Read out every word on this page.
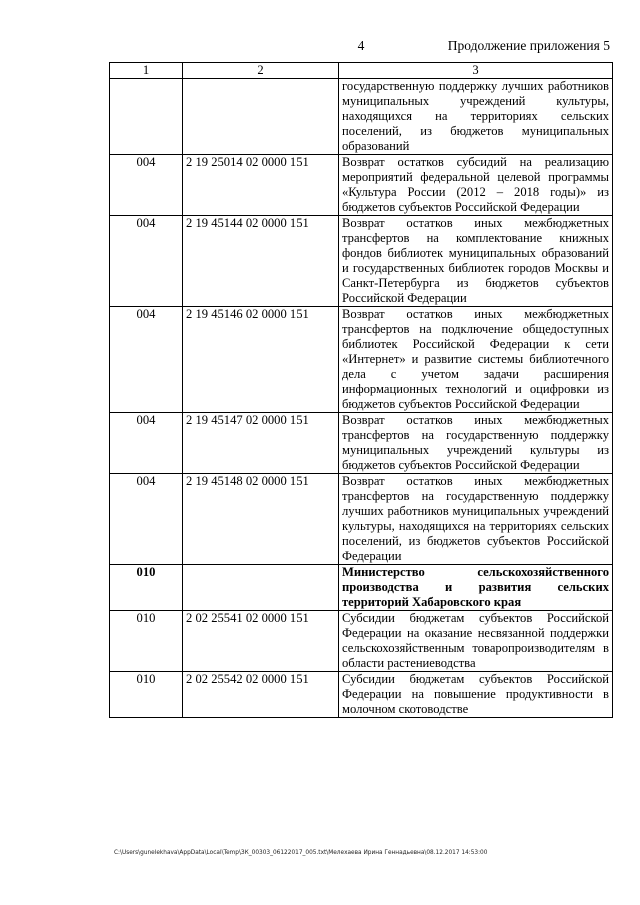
4	Продолжение приложения 5
1	2	3
		государственную поддержку лучших работников муниципальных учреждений культуры, находящихся на территориях сельских поселений, из бюджетов муниципальных образований
004	2 19 25014 02 0000 151	Возврат остатков субсидий на реализацию мероприятий федеральной целевой программы «Культура России (2012 – 2018 годы)» из бюджетов субъектов Российской Федерации
004	2 19 45144 02 0000 151	Возврат остатков иных межбюджетных трансфертов на комплектование книжных фондов библиотек муниципальных образований и государственных библиотек городов Москвы и Санкт-Петербурга из бюджетов субъектов Российской Федерации
004	2 19 45146 02 0000 151	Возврат остатков иных межбюджетных трансфертов на подключение общедоступных библиотек Российской Федерации к сети «Интернет» и развитие системы библиотечного дела с учетом задачи расширения информационных технологий и оцифровки из бюджетов субъектов Российской Федерации
004	2 19 45147 02 0000 151	Возврат остатков иных межбюджетных трансфертов на государственную поддержку муниципальных учреждений культуры из бюджетов субъектов Российской Федерации
004	2 19 45148 02 0000 151	Возврат остатков иных межбюджетных трансфертов на государственную поддержку лучших работников муниципальных учреждений культуры, находящихся на территориях сельских поселений, из бюджетов субъектов Российской Федерации
010		Министерство сельскохозяйственного производства и развития сельских территорий Хабаровского края
010	2 02 25541 02 0000 151	Субсидии бюджетам субъектов Российской Федерации на оказание несвязанной поддержки сельскохозяйственным товаропроизводителям в области растениеводства
010	2 02 25542 02 0000 151	Субсидии бюджетам субъектов Российской Федерации на повышение продуктивности в молочном скотоводстве
C:\Users\gunelekhava\AppData\Local\Temp\ЗК_00303_06122017_005.txt\Мелехаева Ирина Геннадьевна\08.12.2017 14:53:00
